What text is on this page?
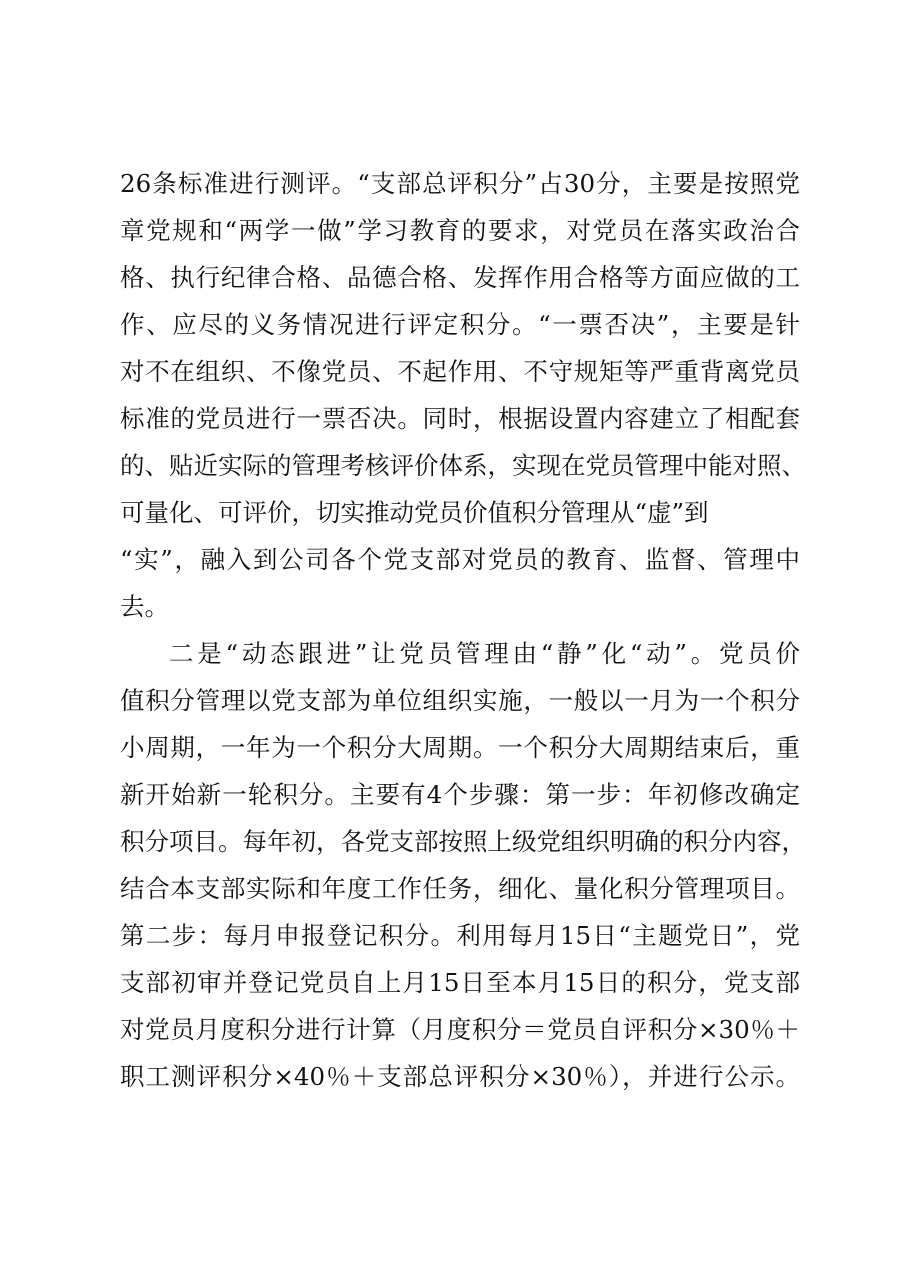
26条标准进行测评。“支部总评积分”占30分，主要是按照党
章党规和“两学一做”学习教育的要求，对党员在落实政治合
格、执行纪律合格、品德合格、发挥作用合格等方面应做的工
作、应尽的义务情况进行评定积分。“一票否决”，主要是针
对不在组织、不像党员、不起作用、不守规矩等严重背离党员
标准的党员进行一票否决。同时，根据设置内容建立了相配套
的、贴近实际的管理考核评价体系，实现在党员管理中能对照、
可量化、可评价，切实推动党员价值积分管理从“虚”到
“实”，融入到公司各个党支部对党员的教育、监督、管理中
去。
二是“动态跟进”让党员管理由“静”化“动”。党员价
值积分管理以党支部为单位组织实施，一般以一月为一个积分
小周期，一年为一个积分大周期。一个积分大周期结束后，重
新开始新一轮积分。主要有4个步骤：第一步：年初修改确定
积分项目。每年初，各党支部按照上级党组织明确的积分内容，
结合本支部实际和年度工作任务，细化、量化积分管理项目。
第二步：每月申报登记积分。利用每月15日“主题党日”，党
支部初审并登记党员自上月15日至本月15日的积分，党支部
对党员月度积分进行计算（月度积分＝党员自评积分×30％＋
职工测评积分×40％＋支部总评积分×30％），并进行公示。
